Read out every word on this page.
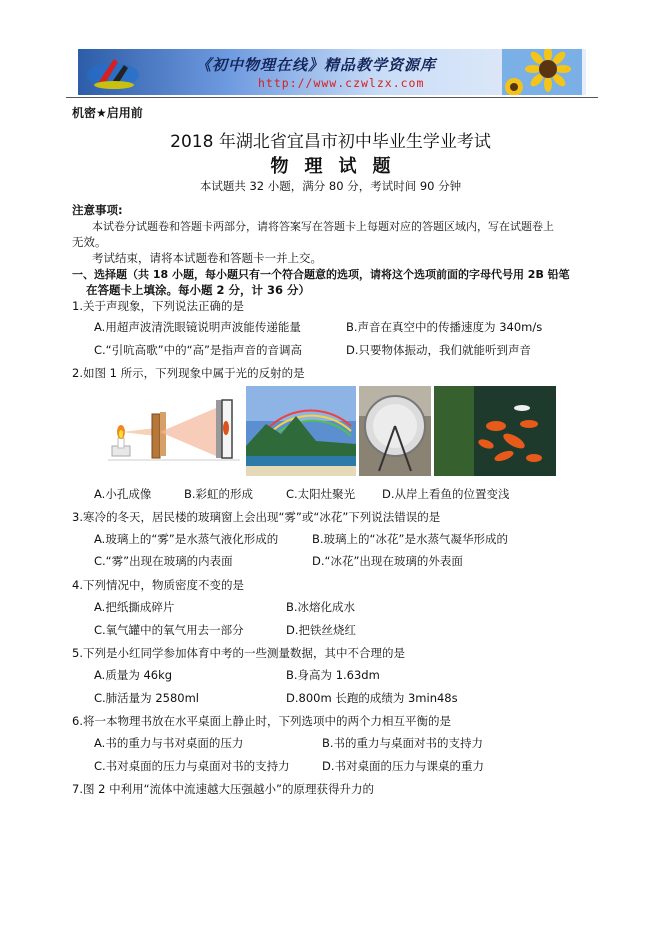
《初中物理在线》精品教学资源库
http://www.czwlzx.com
机密★启用前
2018 年湖北省宜昌市初中毕业生学业考试
物理试题
本试题共 32 小题，满分 80 分，考试时间 90 分钟
注意事项:
本试卷分试题卷和答题卡两部分，请将答案写在答题卡上每题对应的答题区域内，写在试题卷上
无效。
考试结束，请将本试题卷和答题卡一并上交。
一、选择题（共 18 小题，每小题只有一个符合题意的选项，请将这个选项前面的字母代号用 2B 铅笔
在答题卡上填涂。每小题 2 分，计 36 分）
1.关于声现象，下列说法正确的是
A.用超声波清洗眼镜说明声波能传递能量	B.声音在真空中的传播速度为 340m/s
C.“引吭高歌”中的“高”是指声音的音调高	D.只要物体振动，我们就能听到声音
2.如图 1 所示，下列现象中属于光的反射的是
A.小孔成像	B.彩虹的形成	C.太阳灶聚光 D.从岸上看鱼的位置变浅
3.寒冷的冬天，居民楼的玻璃窗上会出现“雾”或“冰花”下列说法错误的是
A.玻璃上的“雾”是水蒸气液化形成的	B.玻璃上的“冰花”是水蒸气凝华形成的
C.“雾”出现在玻璃的内表面	D.“冰花”出现在玻璃的外表面
4.下列情况中，物质密度不变的是
A.把纸撕成碎片	B.冰熔化成水
C.氧气罐中的氧气用去一部分	D.把铁丝烧红
5.下列是小红同学参加体育中考的一些测量数据，其中不合理的是
A.质量为 46kg	B.身高为 1.63dm
C.肺活量为 2580ml	D.800m 长跑的成绩为 3min48s
6.将一本物理书放在水平桌面上静止时，下列选项中的两个力相互平衡的是
A.书的重力与书对桌面的压力	B.书的重力与桌面对书的支持力
C.书对桌面的压力与桌面对书的支持力	D.书对桌面的压力与课桌的重力
7.图 2 中利用“流体中流速越大压强越小”的原理获得升力的
